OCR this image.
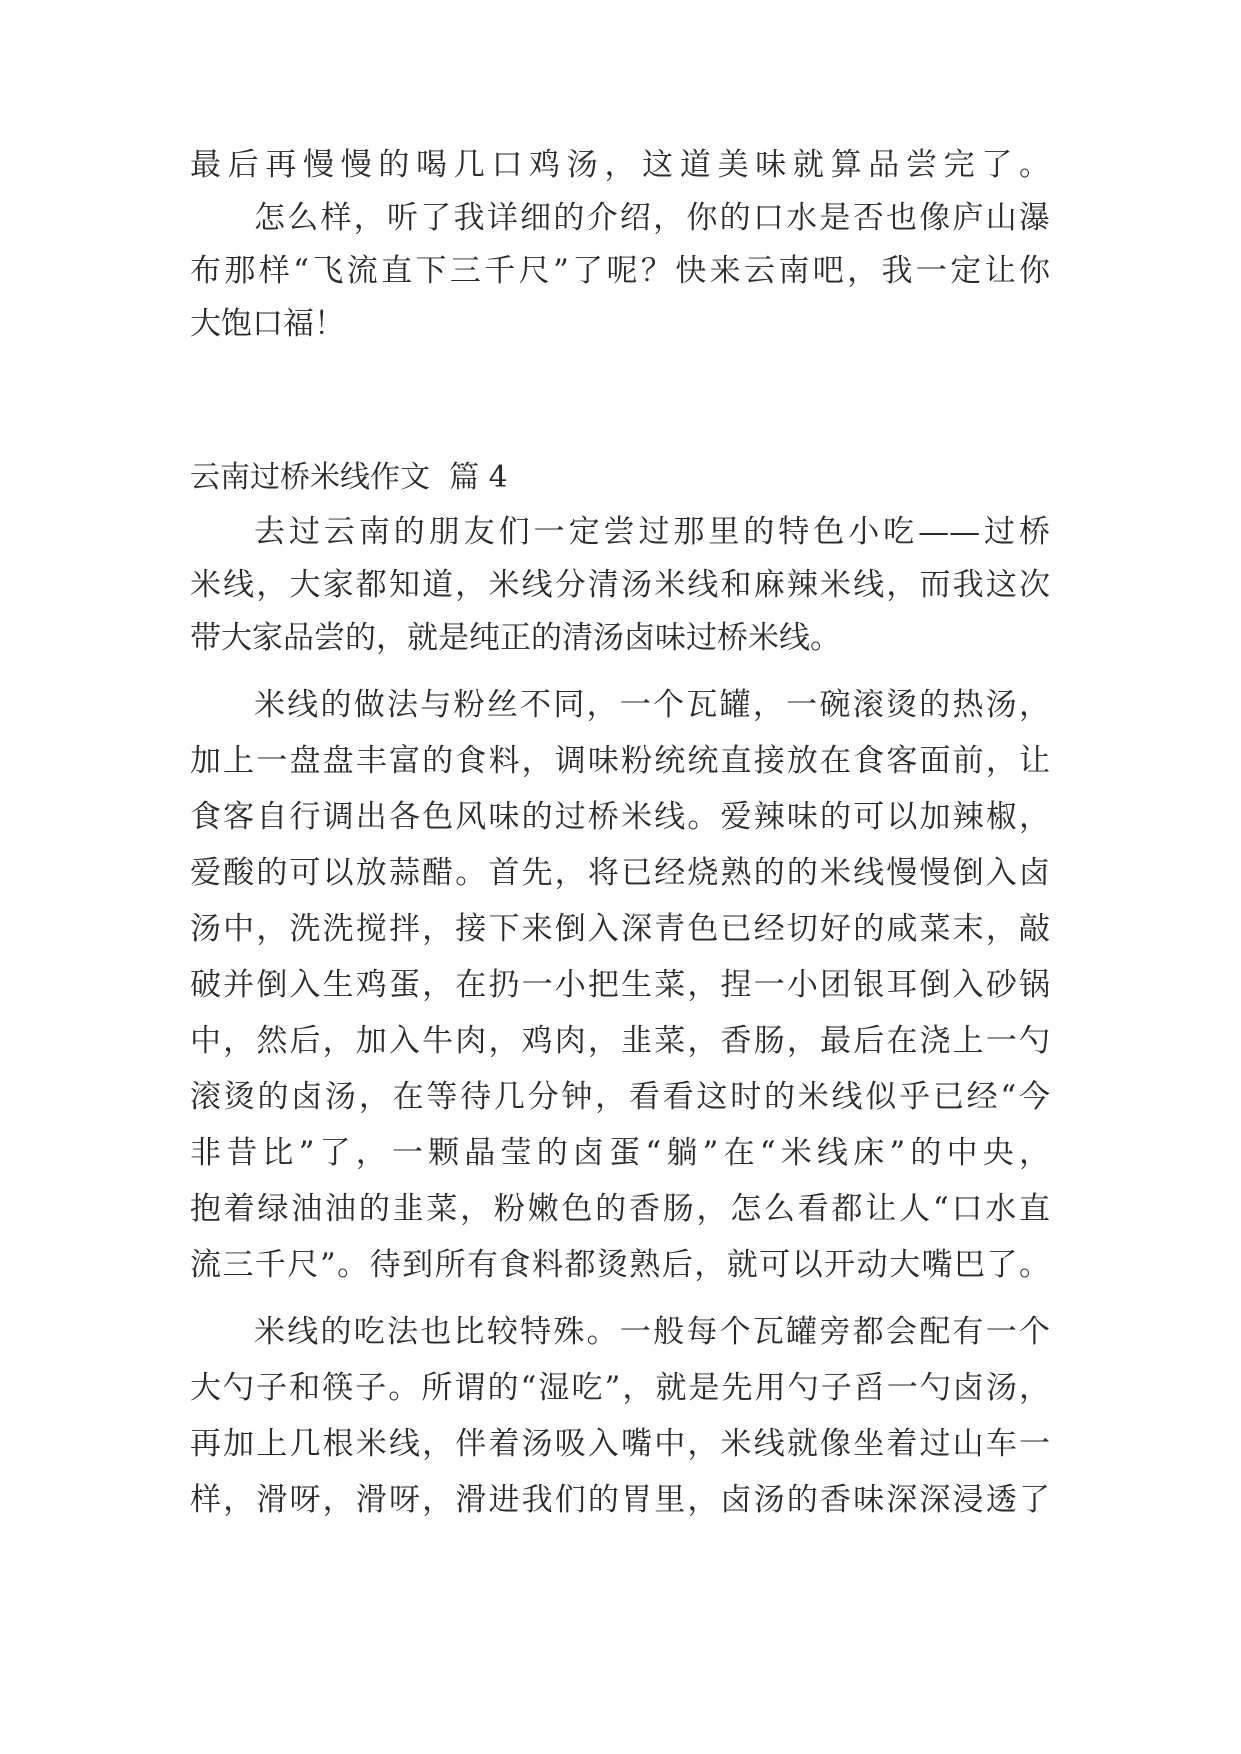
最后再慢慢的喝几口鸡汤，这道美味就算品尝完了。
怎么样，听了我详细的介绍，你的口水是否也像庐山瀑
布那样“飞流直下三千尺”了呢？快来云南吧，我一定让你
大饱口福！
云南过桥米线作文  篇 4
去过云南的朋友们一定尝过那里的特色小吃——过桥
米线，大家都知道，米线分清汤米线和麻辣米线，而我这次
带大家品尝的，就是纯正的清汤卤味过桥米线。
米线的做法与粉丝不同，一个瓦罐，一碗滚烫的热汤，
加上一盘盘丰富的食料，调味粉统统直接放在食客面前，让
食客自行调出各色风味的过桥米线。爱辣味的可以加辣椒，
爱酸的可以放蒜醋。首先，将已经烧熟的的米线慢慢倒入卤
汤中，洗洗搅拌，接下来倒入深青色已经切好的咸菜末，敲
破并倒入生鸡蛋，在扔一小把生菜，捏一小团银耳倒入砂锅
中，然后，加入牛肉，鸡肉，韭菜，香肠，最后在浇上一勺
滚烫的卤汤，在等待几分钟，看看这时的米线似乎已经“今
非昔比”了，一颗晶莹的卤蛋“躺”在“米线床”的中央，
抱着绿油油的韭菜，粉嫩色的香肠，怎么看都让人“口水直
流三千尺”。待到所有食料都烫熟后，就可以开动大嘴巴了。
米线的吃法也比较特殊。一般每个瓦罐旁都会配有一个
大勺子和筷子。所谓的“湿吃”，就是先用勺子舀一勺卤汤，
再加上几根米线，伴着汤吸入嘴中，米线就像坐着过山车一
样，滑呀，滑呀，滑进我们的胃里，卤汤的香味深深浸透了
